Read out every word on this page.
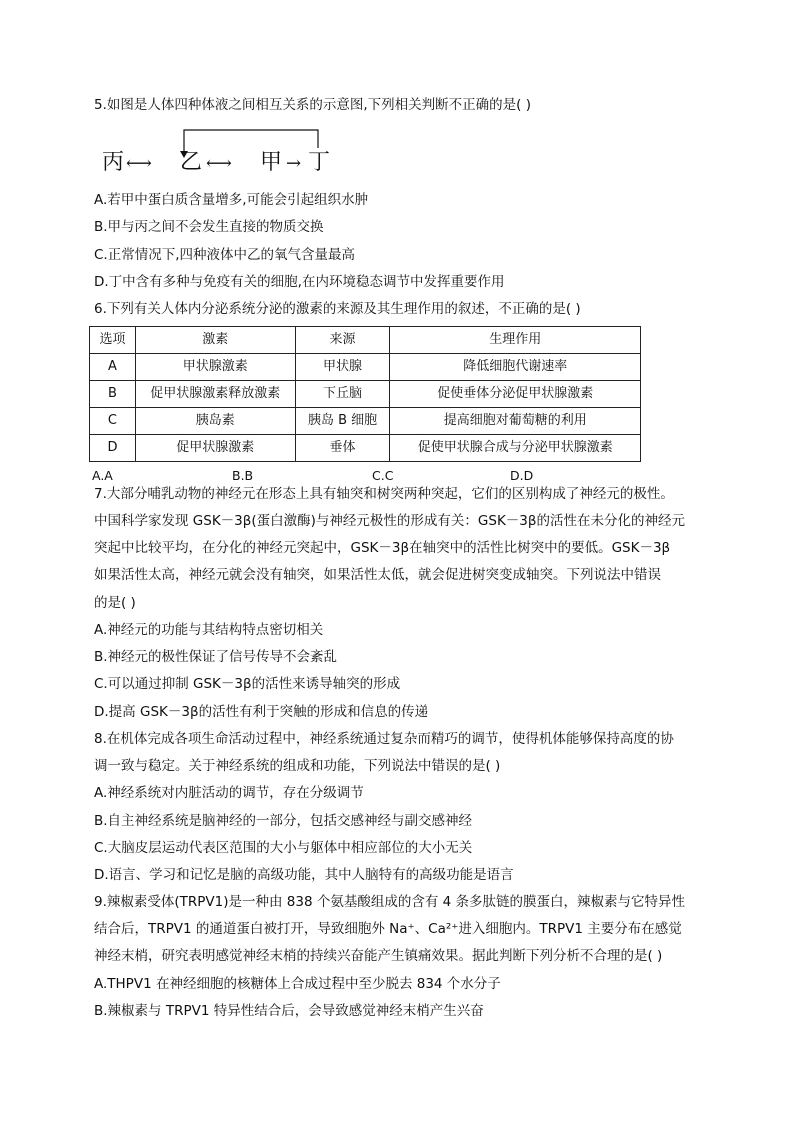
5.如图是人体四种体液之间相互关系的示意图,下列相关判断不正确的是( )
丙 ⟷ 乙 ⟷ 甲 → 丁
A.若甲中蛋白质含量增多,可能会引起组织水肿
B.甲与丙之间不会发生直接的物质交换
C.正常情况下,四种液体中乙的氧气含量最高
D.丁中含有多种与免疫有关的细胞,在内环境稳态调节中发挥重要作用
6.下列有关人体内分泌系统分泌的激素的来源及其生理作用的叙述，不正确的是( )
选项	激素	来源	生理作用
A	甲状腺激素	甲状腺	降低细胞代谢速率
B	促甲状腺激素释放激素	下丘脑	促使垂体分泌促甲状腺激素
C	胰岛素	胰岛 B 细胞	提高细胞对葡萄糖的利用
D	促甲状腺激素	垂体	促使甲状腺合成与分泌甲状腺激素
A.A	B.B	C.C	D.D
7.大部分哺乳动物的神经元在形态上具有轴突和树突两种突起，它们的区别构成了神经元的极性。
中国科学家发现 GSK－3β(蛋白激酶)与神经元极性的形成有关：GSK－3β的活性在未分化的神经元
突起中比较平均，在分化的神经元突起中，GSK－3β在轴突中的活性比树突中的要低。GSK－3β
如果活性太高，神经元就会没有轴突，如果活性太低，就会促进树突变成轴突。下列说法中错误
的是( )
A.神经元的功能与其结构特点密切相关
B.神经元的极性保证了信号传导不会紊乱
C.可以通过抑制 GSK－3β的活性来诱导轴突的形成
D.提高 GSK－3β的活性有利于突触的形成和信息的传递
8.在机体完成各项生命活动过程中，神经系统通过复杂而精巧的调节，使得机体能够保持高度的协
调一致与稳定。关于神经系统的组成和功能，下列说法中错误的是( )
A.神经系统对内脏活动的调节，存在分级调节
B.自主神经系统是脑神经的一部分，包括交感神经与副交感神经
C.大脑皮层运动代表区范围的大小与躯体中相应部位的大小无关
D.语言、学习和记忆是脑的高级功能，其中人脑特有的高级功能是语言
9.辣椒素受体(TRPV1)是一种由 838 个氨基酸组成的含有 4 条多肽链的膜蛋白，辣椒素与它特异性
结合后，TRPV1 的通道蛋白被打开，导致细胞外 Na⁺、Ca²⁺进入细胞内。TRPV1 主要分布在感觉
神经末梢，研究表明感觉神经末梢的持续兴奋能产生镇痛效果。据此判断下列分析不合理的是( )
A.THPV1 在神经细胞的核糖体上合成过程中至少脱去 834 个水分子
B.辣椒素与 TRPV1 特异性结合后，会导致感觉神经末梢产生兴奋
